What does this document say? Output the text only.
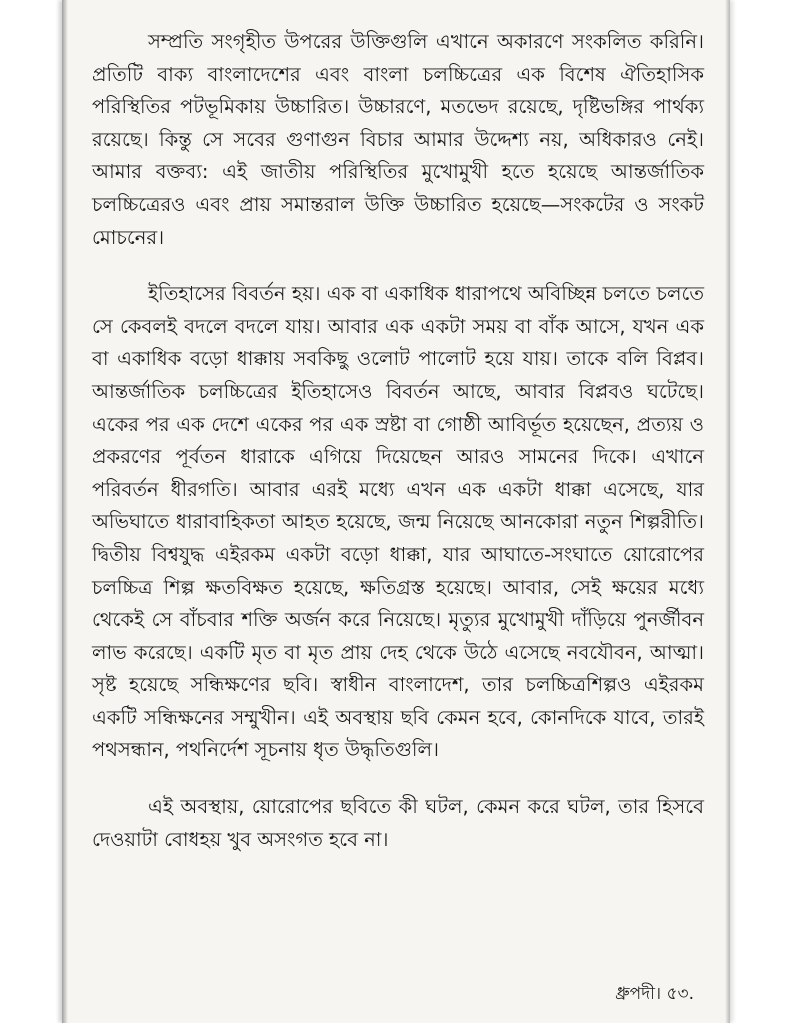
সম্প্রতি সংগৃহীত উপরের উক্তিগুলি এখানে অকারণে সংকলিত করিনি। প্রতিটি বাক্য বাংলাদেশের এবং বাংলা চলচ্চিত্রের এক বিশেষ ঐতিহাসিক পরিস্থিতির পটভূমিকায় উচ্চারিত। উচ্চারণে, মতভেদ রয়েছে, দৃষ্টিভঙ্গির পার্থক্য রয়েছে। কিন্তু সে সবের গুণাগুন বিচার আমার উদ্দেশ্য নয়, অধিকারও নেই। আমার বক্তব্য: এই জাতীয় পরিস্থিতির মুখোমুখী হতে হয়েছে আন্তর্জাতিক চলচ্চিত্রেরও এবং প্রায় সমান্তরাল উক্তি উচ্চারিত হয়েছে—সংকটের ও সংকট মোচনের।

ইতিহাসের বিবর্তন হয়। এক বা একাধিক ধারাপথে অবিচ্ছিন্ন চলতে চলতে সে কেবলই বদলে বদলে যায়। আবার এক একটা সময় বা বাঁক আসে, যখন এক বা একাধিক বড়ো ধাক্কায় সবকিছু ওলোট পালোট হয়ে যায়। তাকে বলি বিপ্লব। আন্তর্জাতিক চলচ্চিত্রের ইতিহাসেও বিবর্তন আছে, আবার বিপ্লবও ঘটেছে। একের পর এক দেশে একের পর এক স্রষ্টা বা গোষ্ঠী আবির্ভূত হয়েছেন, প্রত্যয় ও প্রকরণের পূর্বতন ধারাকে এগিয়ে দিয়েছেন আরও সামনের দিকে। এখানে পরিবর্তন ধীরগতি। আবার এরই মধ্যে এখন এক একটা ধাক্কা এসেছে, যার অভিঘাতে ধারাবাহিকতা আহত হয়েছে, জন্ম নিয়েছে আনকোরা নতুন শিল্পরীতি। দ্বিতীয় বিশ্বযুদ্ধ এইরকম একটা বড়ো ধাক্কা, যার আঘাতে-সংঘাতে য়োরোপের চলচ্চিত্র শিল্প ক্ষতবিক্ষত হয়েছে, ক্ষতিগ্রস্ত হয়েছে। আবার, সেই ক্ষয়ের মধ্যে থেকেই সে বাঁচবার শক্তি অর্জন করে নিয়েছে। মৃত্যুর মুখোমুখী দাঁড়িয়ে পুনর্জীবন লাভ করেছে। একটি মৃত বা মৃত প্রায় দেহ থেকে উঠে এসেছে নবযৌবন, আত্মা। সৃষ্ট হয়েছে সন্ধিক্ষণের ছবি। স্বাধীন বাংলাদেশ, তার চলচ্চিত্রশিল্পও এইরকম একটি সন্ধিক্ষনের সম্মুখীন। এই অবস্থায় ছবি কেমন হবে, কোনদিকে যাবে, তারই পথসন্ধান, পথনির্দেশ সূচনায় ধৃত উদ্ধৃতিগুলি।

এই অবস্থায়, য়োরোপের ছবিতে কী ঘটল, কেমন করে ঘটল, তার হিসবে দেওয়াটা বোধহয় খুব অসংগত হবে না।

ধ্রুপদী। ৫৩.
